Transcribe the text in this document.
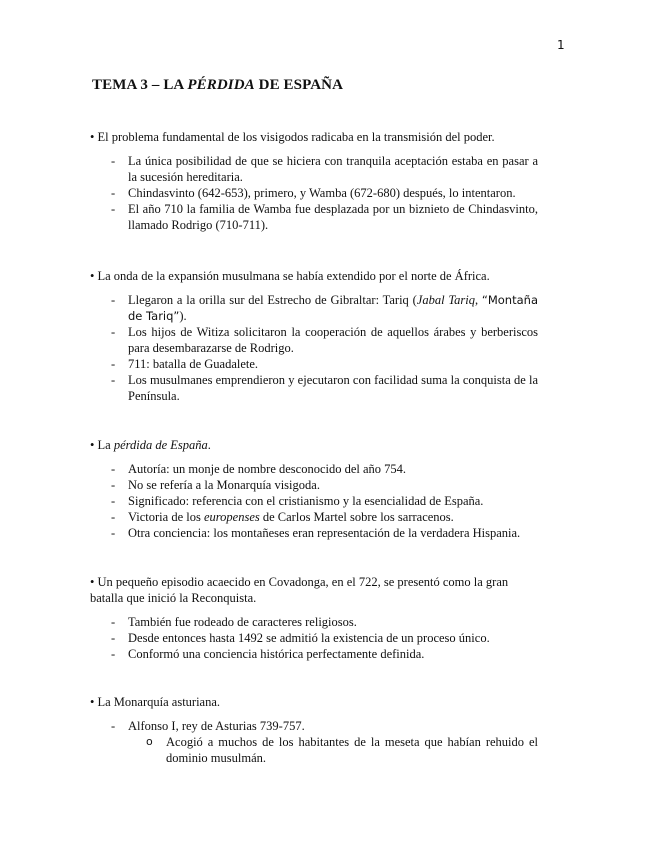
1
TEMA 3 – LA PÉRDIDA DE ESPAÑA

• El problema fundamental de los visigodos radicaba en la transmisión del poder.

- La única posibilidad de que se hiciera con tranquila aceptación estaba en pasar a la sucesión hereditaria.
- Chindasvinto (642-653), primero, y Wamba (672-680) después, lo intentaron.
- El año 710 la familia de Wamba fue desplazada por un biznieto de Chindasvinto, llamado Rodrigo (710-711).

• La onda de la expansión musulmana se había extendido por el norte de África.

- Llegaron a la orilla sur del Estrecho de Gibraltar: Tariq (Jabal Tariq, “Montaña de Tariq”).
- Los hijos de Witiza solicitaron la cooperación de aquellos árabes y berberiscos para desembarazarse de Rodrigo.
- 711: batalla de Guadalete.
- Los musulmanes emprendieron y ejecutaron con facilidad suma la conquista de la Península.

• La pérdida de España.

- Autoría: un monje de nombre desconocido del año 754.
- No se refería a la Monarquía visigoda.
- Significado: referencia con el cristianismo y la esencialidad de España.
- Victoria de los europenses de Carlos Martel sobre los sarracenos.
- Otra conciencia: los montañeses eran representación de la verdadera Hispania.

• Un pequeño episodio acaecido en Covadonga, en el 722, se presentó como la gran batalla que inició la Reconquista.

- También fue rodeado de caracteres religiosos.
- Desde entonces hasta 1492 se admitió la existencia de un proceso único.
- Conformó una conciencia histórica perfectamente definida.

• La Monarquía asturiana.

- Alfonso I, rey de Asturias 739-757.
o Acogió a muchos de los habitantes de la meseta que habían rehuido el dominio musulmán.
